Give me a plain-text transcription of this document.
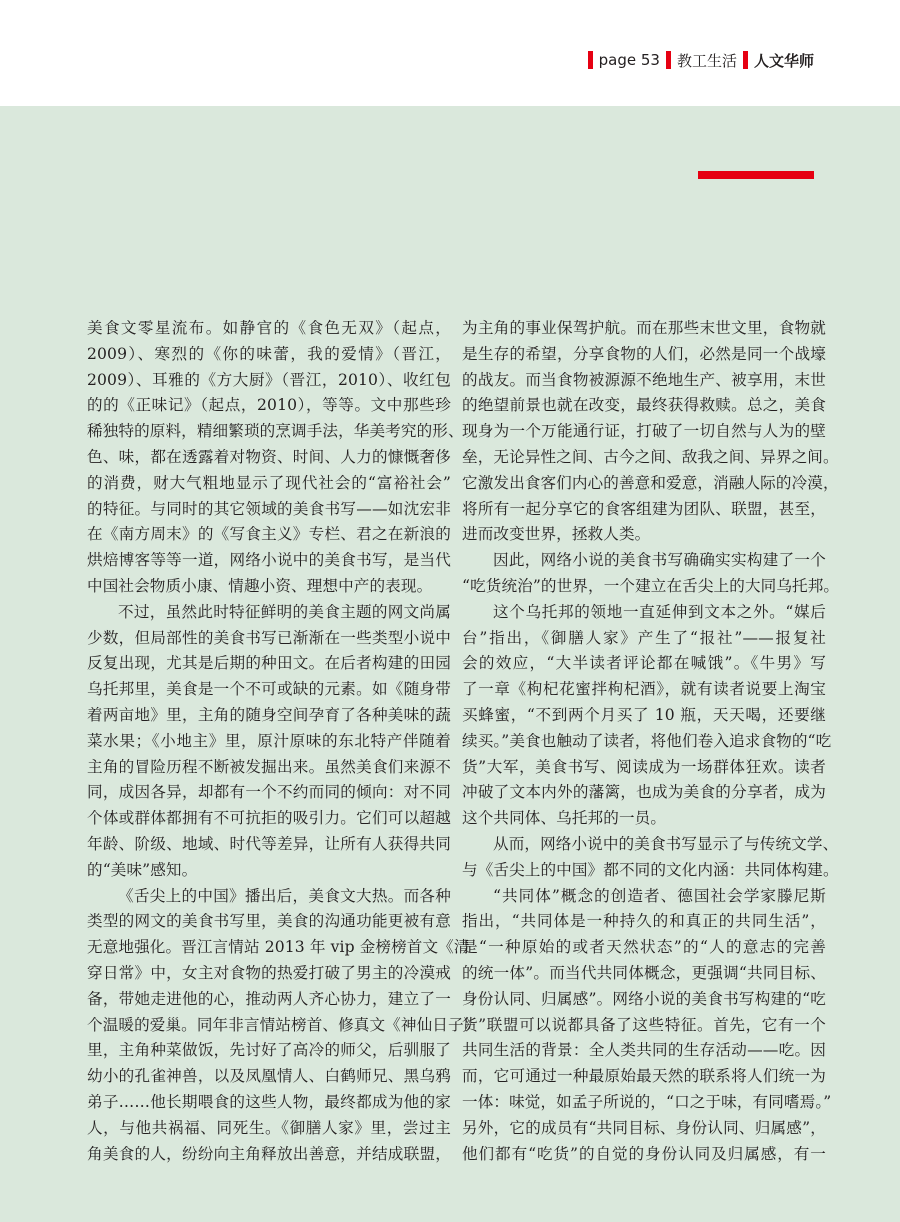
page 53 教工生活 人文华师
美食文零星流布。如静官的《食色无双》（起点，
2009）、寒烈的《你的味蕾，我的爱情》（晋江，
2009）、耳雅的《方大厨》（晋江，2010）、收红包
的的《正味记》（起点，2010），等等。文中那些珍
稀独特的原料，精细繁琐的烹调手法，华美考究的形、
色、味，都在透露着对物资、时间、人力的慷慨奢侈
的消费，财大气粗地显示了现代社会的“富裕社会”
的特征。与同时的其它领域的美食书写——如沈宏非
在《南方周末》的《写食主义》专栏、君之在新浪的
烘焙博客等等一道，网络小说中的美食书写，是当代
中国社会物质小康、情趣小资、理想中产的表现。
不过，虽然此时特征鲜明的美食主题的网文尚属
少数，但局部性的美食书写已渐渐在一些类型小说中
反复出现，尤其是后期的种田文。在后者构建的田园
乌托邦里，美食是一个不可或缺的元素。如《随身带
着两亩地》里，主角的随身空间孕育了各种美味的蔬
菜水果；《小地主》里，原汁原味的东北特产伴随着
主角的冒险历程不断被发掘出来。虽然美食们来源不
同，成因各异，却都有一个不约而同的倾向：对不同
个体或群体都拥有不可抗拒的吸引力。它们可以超越
年龄、阶级、地域、时代等差异，让所有人获得共同
的“美味”感知。
《舌尖上的中国》播出后，美食文大热。而各种
类型的网文的美食书写里，美食的沟通功能更被有意
无意地强化。晋江言情站 2013 年 vip 金榜榜首文《清
穿日常》中，女主对食物的热爱打破了男主的冷漠戒
备，带她走进他的心，推动两人齐心协力，建立了一
个温暖的爱巢。同年非言情站榜首、修真文《神仙日子》
里，主角种菜做饭，先讨好了高冷的师父，后驯服了
幼小的孔雀神兽，以及凤凰情人、白鹤师兄、黑乌鸦
弟子……他长期喂食的这些人物，最终都成为他的家
人，与他共祸福、同死生。《御膳人家》里，尝过主
角美食的人，纷纷向主角释放出善意，并结成联盟，
为主角的事业保驾护航。而在那些末世文里，食物就
是生存的希望，分享食物的人们，必然是同一个战壕
的战友。而当食物被源源不绝地生产、被享用，末世
的绝望前景也就在改变，最终获得救赎。总之，美食
现身为一个万能通行证，打破了一切自然与人为的壁
垒，无论异性之间、古今之间、敌我之间、异界之间。
它激发出食客们内心的善意和爱意，消融人际的冷漠，
将所有一起分享它的食客组建为团队、联盟，甚至，
进而改变世界，拯救人类。
因此，网络小说的美食书写确确实实构建了一个
“吃货统治”的世界，一个建立在舌尖上的大同乌托邦。
这个乌托邦的领地一直延伸到文本之外。“媒后
台”指出，《御膳人家》产生了“报社”——报复社
会的效应，“大半读者评论都在喊饿”。《牛男》写
了一章《枸杞花蜜拌枸杞酒》，就有读者说要上淘宝
买蜂蜜，“不到两个月买了 10 瓶，天天喝，还要继
续买。”美食也触动了读者，将他们卷入追求食物的“吃
货”大军，美食书写、阅读成为一场群体狂欢。读者
冲破了文本内外的藩篱，也成为美食的分享者，成为
这个共同体、乌托邦的一员。
从而，网络小说中的美食书写显示了与传统文学、
与《舌尖上的中国》都不同的文化内涵：共同体构建。
“共同体”概念的创造者、德国社会学家滕尼斯
指出，“共同体是一种持久的和真正的共同生活”，
是“一种原始的或者天然状态”的“人的意志的完善
的统一体”。而当代共同体概念，更强调“共同目标、
身份认同、归属感”。网络小说的美食书写构建的“吃
货”联盟可以说都具备了这些特征。首先，它有一个
共同生活的背景：全人类共同的生存活动——吃。因
而，它可通过一种最原始最天然的联系将人们统一为
一体：味觉，如孟子所说的，“口之于味，有同嗜焉。”
另外，它的成员有“共同目标、身份认同、归属感”，
他们都有“吃货”的自觉的身份认同及归属感，有一
